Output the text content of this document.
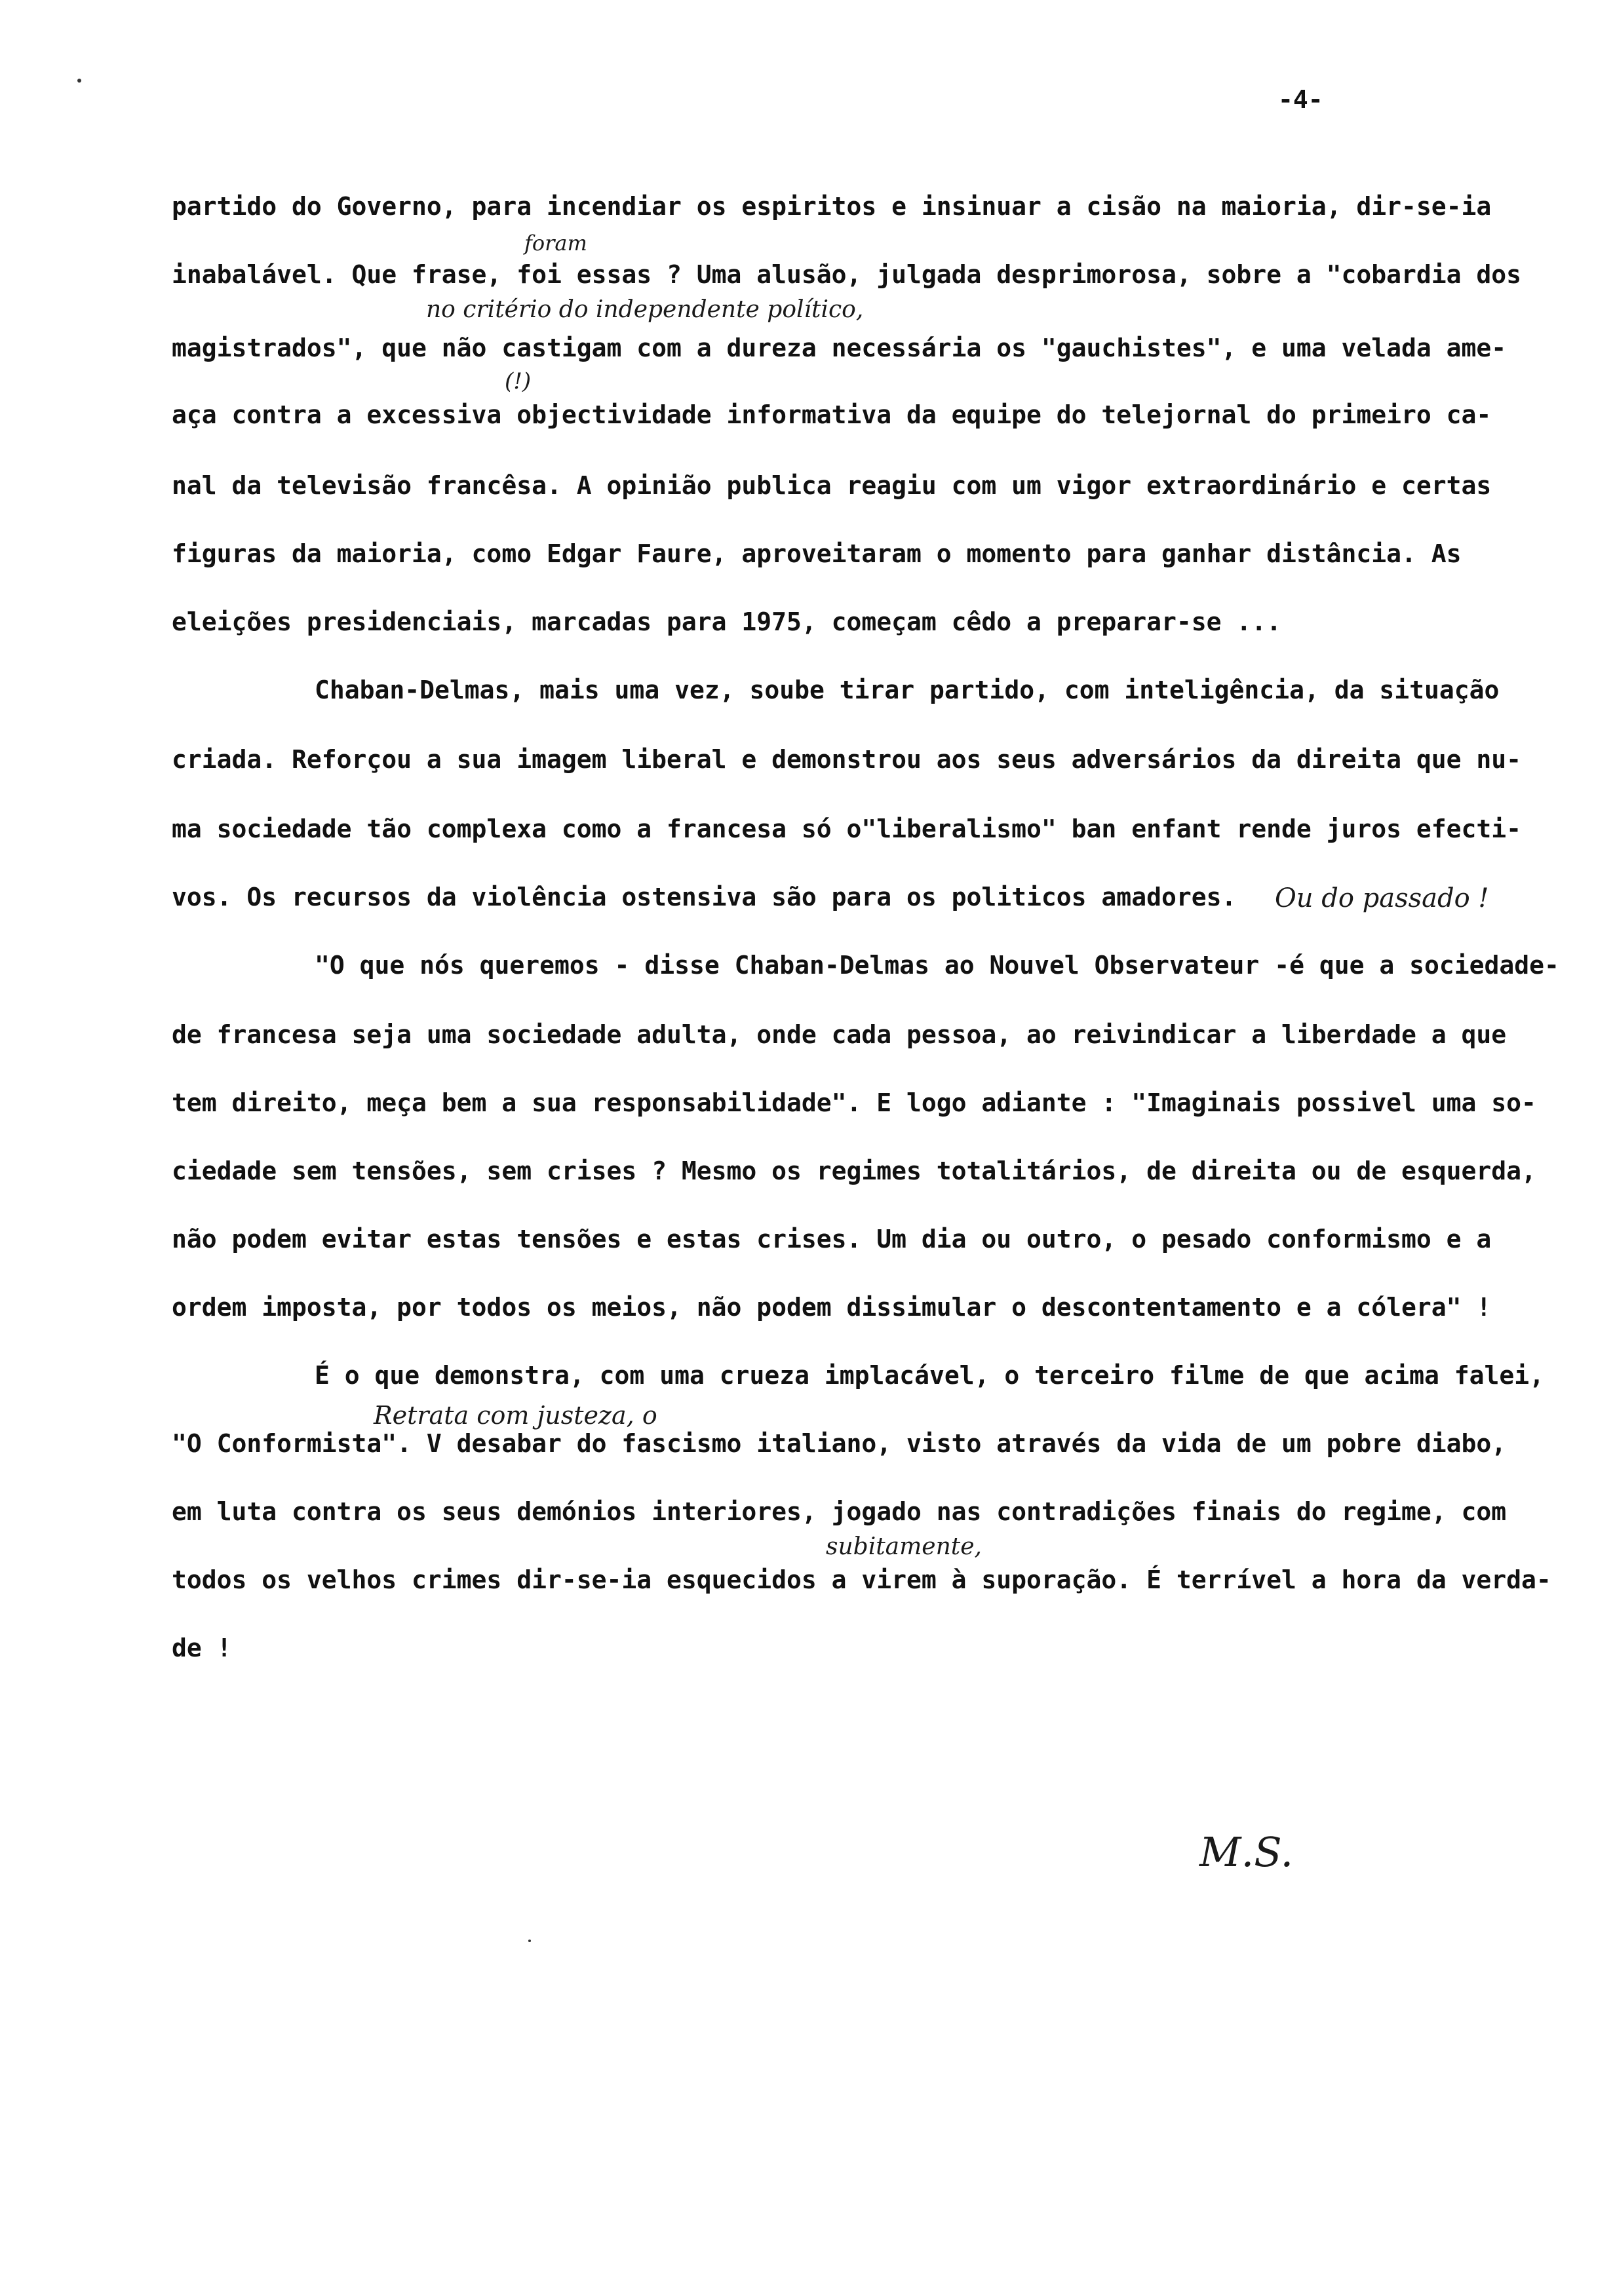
-4-
partido do Governo, para incendiar os espiritos e insinuar a cisão na maioria, dir-se-ia
inabalável. Que frase, foi essas ? Uma alusão, julgada desprimorosa, sobre a "cobardia dos
magistrados", que não castigam com a dureza necessária os "gauchistes", e uma velada ame-
aça contra a excessiva objectividade informativa da equipe do telejornal do primeiro ca-
nal da televisão francêsa. A opinião publica reagiu com um vigor extraordinário e certas
figuras da maioria, como Edgar Faure, aproveitaram o momento para ganhar distância. As
eleições presidenciais, marcadas para 1975, começam cêdo a preparar-se ...
Chaban-Delmas, mais uma vez, soube tirar partido, com inteligência, da situação
criada. Reforçou a sua imagem liberal e demonstrou aos seus adversários da direita que nu-
ma sociedade tão complexa como a francesa só o"liberalismo" ban enfant rende juros efecti-
vos. Os recursos da violência ostensiva são para os politicos amadores.
"O que nós queremos - disse Chaban-Delmas ao Nouvel Observateur -é que a sociedade-
de francesa seja uma sociedade adulta, onde cada pessoa, ao reivindicar a liberdade a que
tem direito, meça bem a sua responsabilidade". E logo adiante : "Imaginais possivel uma so-
ciedade sem tensões, sem crises ? Mesmo os regimes totalitários, de direita ou de esquerda,
não podem evitar estas tensões e estas crises. Um dia ou outro, o pesado conformismo e a
ordem imposta, por todos os meios, não podem dissimular o descontentamento e a cólera" !
É o que demonstra, com uma crueza implacável, o terceiro filme de que acima falei,
"O Conformista". V desabar do fascismo italiano, visto através da vida de um pobre diabo,
em luta contra os seus demónios interiores, jogado nas contradições finais do regime, com
todos os velhos crimes dir-se-ia esquecidos a virem à suporação. É terrível a hora da verda-
de !
foram
no critério do independente político,
(!)
Ou do passado !
Retrata com justeza, o
subitamente,
M.S.
